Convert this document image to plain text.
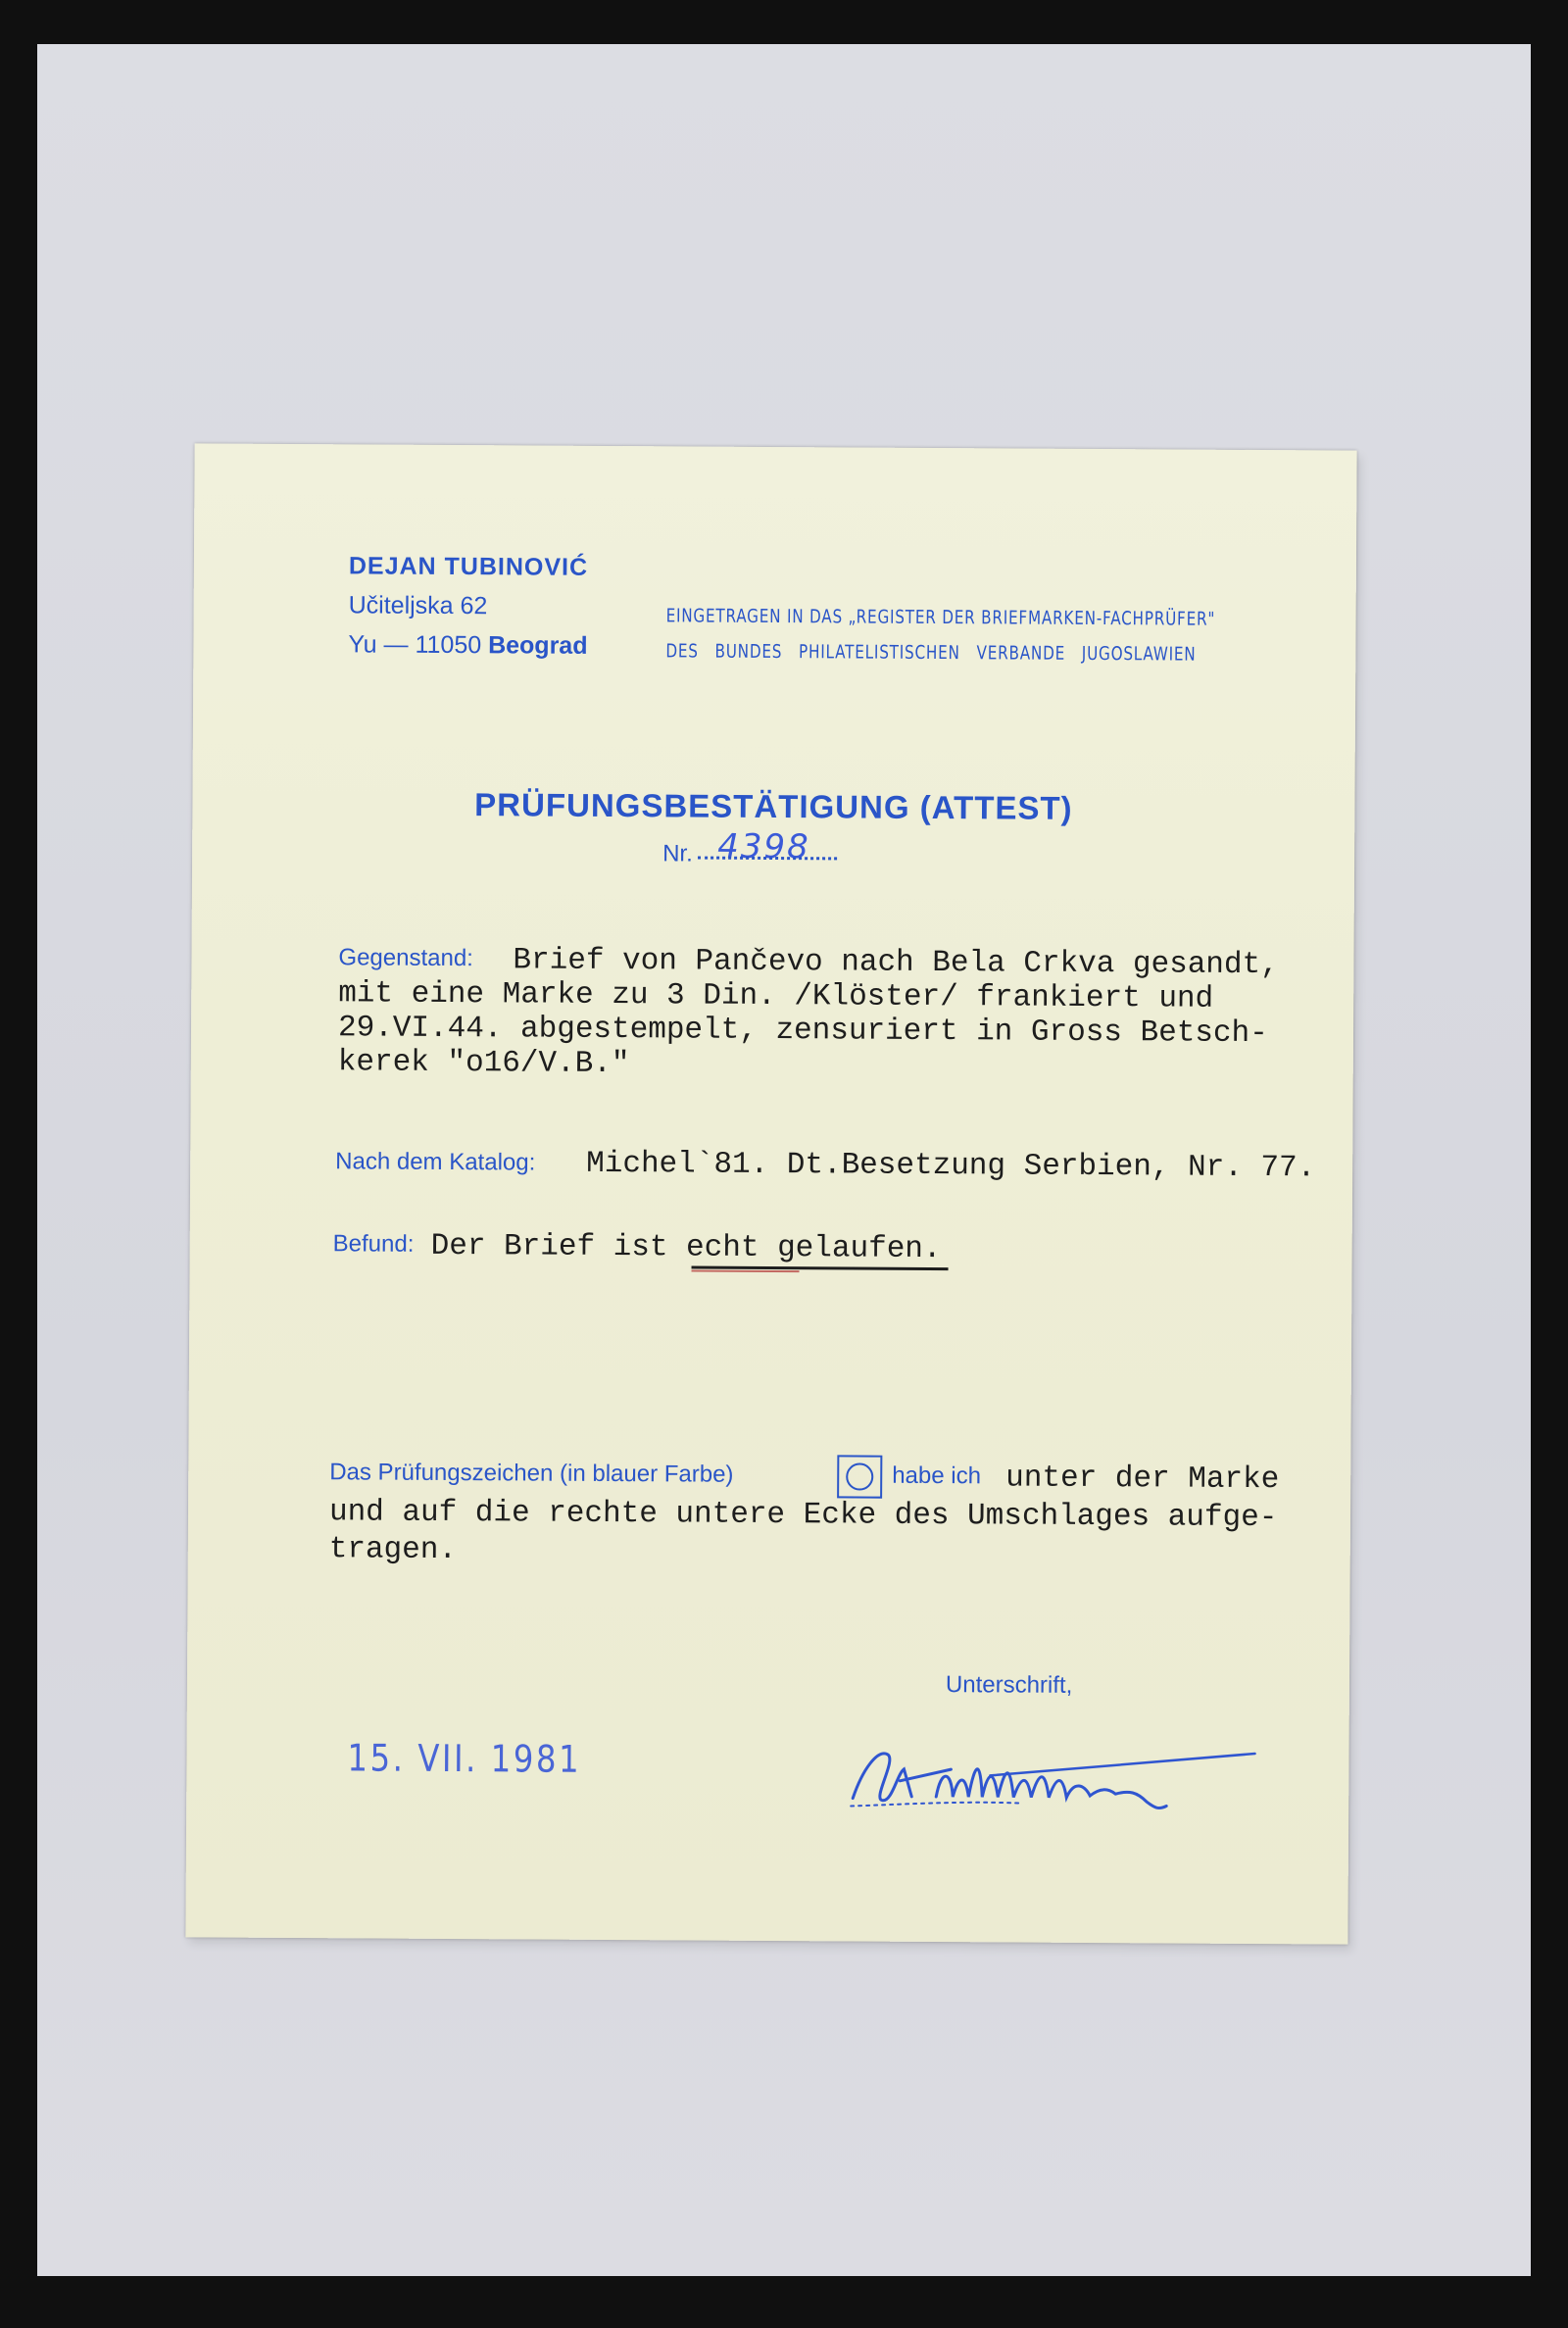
DEJAN TUBINOVIĆ
Učiteljska 62
Yu — 11050 Beograd
EINGETRAGEN IN DAS „REGISTER DER BRIEFMARKEN-FACHPRÜFER"
DES BUNDES PHILATELISTISCHEN VERBANDE JUGOSLAWIEN
PRÜFUNGSBESTÄTIGUNG (ATTEST)
Nr. 4398
Gegenstand: Brief von Pančevo nach Bela Crkva gesandt,
mit eine Marke zu 3 Din. /Klöster/ frankiert und
29.VI.44. abgestempelt, zensuriert in Gross Betsch-
kerek "o16/V.B."
Nach dem Katalog: Michel`81. Dt.Besetzung Serbien, Nr. 77.
Befund: Der Brief ist echt gelaufen.
Das Prüfungszeichen (in blauer Farbe)	habe ich unter der Marke
und auf die rechte untere Ecke des Umschlages aufge-
tragen.
Unterschrift,
15. VII. 1981
